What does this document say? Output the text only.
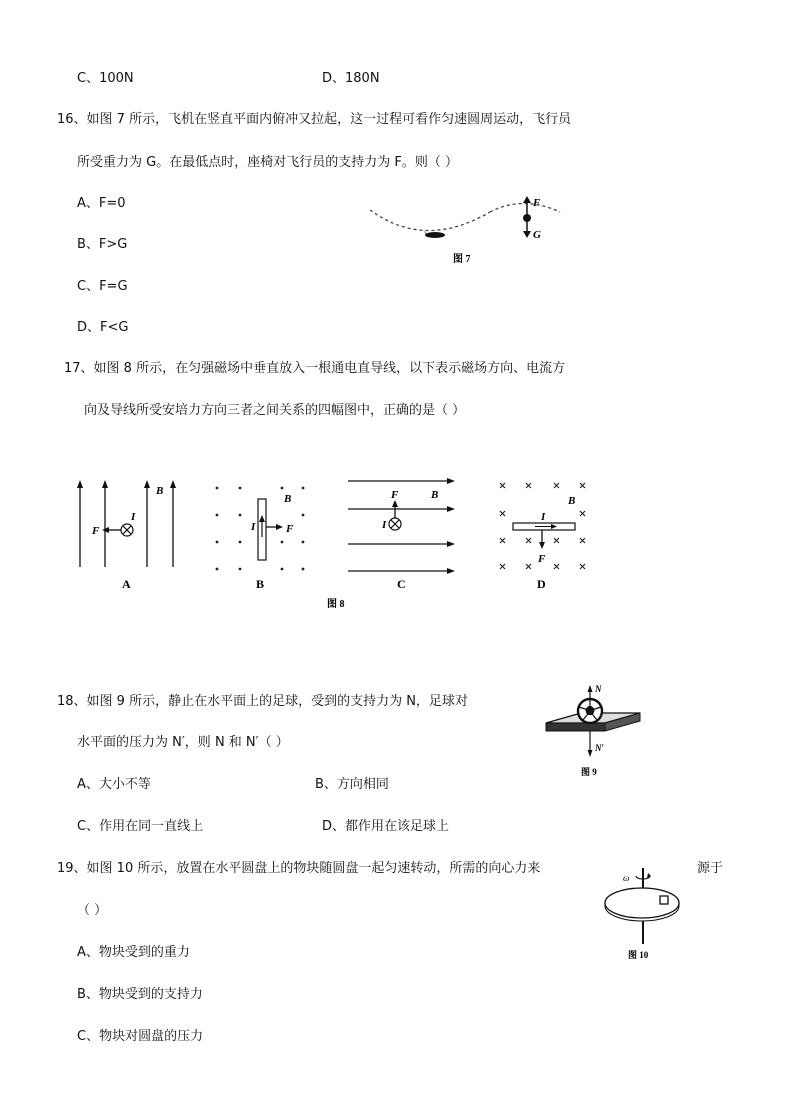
C、100N	D、180N
16、如图 7 所示，飞机在竖直平面内俯冲又拉起，这一过程可看作匀速圆周运动，飞行员
所受重力为 G。在最低点时，座椅对飞行员的支持力为 F。则（ ）
A、F=0
B、F>G
C、F=G
D、F<G
F
G
图 7
17、如图 8 所示，在匀强磁场中垂直放入一根通电直导线，以下表示磁场方向、电流方
向及导线所受安培力方向三者之间关系的四幅图中，正确的是（ ）
F
I
B
A
I	F
B
B
F
I
B
C
I
F
B
D
图 8
18、如图 9 所示，静止在水平面上的足球，受到的支持力为 N，足球对
水平面的压力为 N′，则 N 和 N′（ ）
A、大小不等	B、方向相同
C、作用在同一直线上	D、都作用在该足球上
N
N′
图 9
19、如图 10 所示，放置在水平圆盘上的物块随圆盘一起匀速转动，所需的向心力来	源于
（ ）
A、物块受到的重力
B、物块受到的支持力
C、物块对圆盘的压力
ω
图 10
